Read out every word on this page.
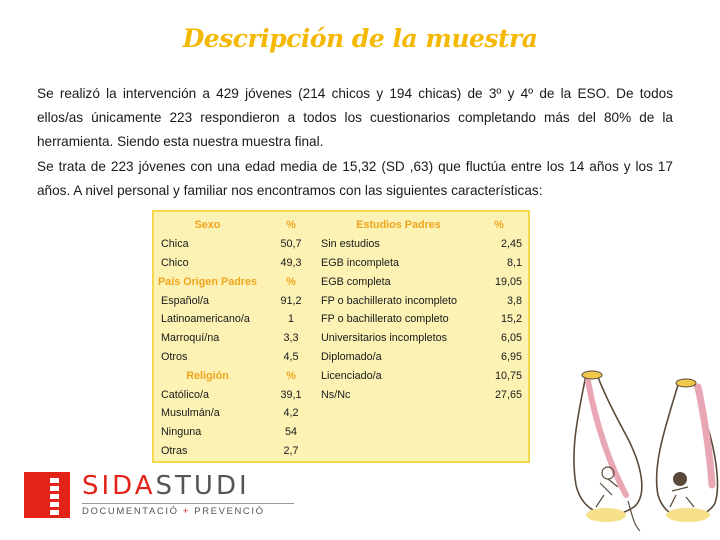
Descripción de la muestra
Se realizó la intervención a 429 jóvenes (214 chicos y 194 chicas) de 3º y 4º de la ESO. De todos ellos/as únicamente 223 respondieron a todos los cuestionarios completando más del 80% de la herramienta. Siendo esta nuestra muestra final.
Se trata de 223 jóvenes con una edad media de 15,32 (SD ,63) que fluctúa entre los 14 años y los 17 años. A nivel personal y familiar nos encontramos con las siguientes características:
Sexo	%	Estudios Padres	%
Chica	50,7	Sin estudios	2,45
Chico	49,3	EGB incompleta	8,1
País Origen Padres	%	EGB completa	19,05
Español/a	91,2	FP o bachillerato incompleto	3,8
Latinoamericano/a	1	FP o bachillerato completo	15,2
Marroquí/na	3,3	Universitarios incompletos	6,05
Otros	4,5	Diplomado/a	6,95
Religión	%	Licenciado/a	10,75
Católico/a	39,1	Ns/Nc	27,65
Musulmán/a	4,2		
Ninguna	54		
Otras	2,7		
SIDASTUDI
DOCUMENTACIÓ + PREVENCIÓ
